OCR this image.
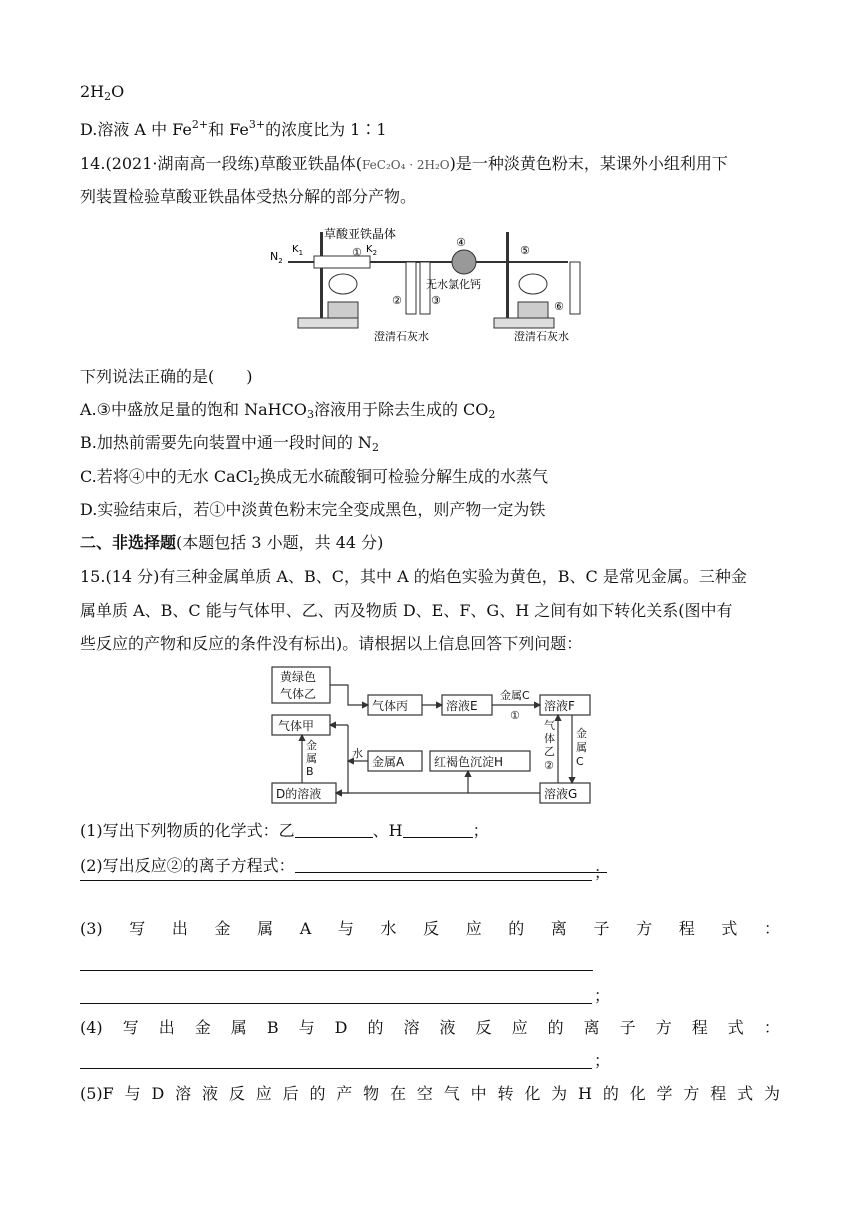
$2H_2O$
D.溶液 A 中 $Fe^{2+}$和 $Fe^{3+}$的浓度比为 1∶1
14.(2021·湖南高一段练)草酸亚铁晶体(FeC₂O₄ · 2H₂O)是一种淡黄色粉末，某课外小组利用下
列装置检验草酸亚铁晶体受热分解的部分产物。
$N_2$
$K_1$	$K_2$
草酸亚铁晶体
①
②	③
澄清石灰水
④
无水氯化钙
⑤
⑥
澄清石灰水
下列说法正确的是(　　)
A.③中盛放足量的饱和 NaHCO$_3$溶液用于除去生成的 $CO_2$
B.加热前需要先向装置中通一段时间的 $N_2$
C.若将④中的无水 CaCl$_2$换成无水硫酸铜可检验分解生成的水蒸气
D.实验结束后，若①中淡黄色粉末完全变成黑色，则产物一定为铁
二、非选择题(本题包括 3 小题，共 44 分)
15.(14 分)有三种金属单质 A、B、C，其中 A 的焰色实验为黄色，B、C 是常见金属。三种金
属单质 A、B、C 能与气体甲、乙、丙及物质 D、E、F、G、H 之间有如下转化关系(图中有
些反应的产物和反应的条件没有标出)。请根据以上信息回答下列问题：
黄绿色
气体乙
气体甲
气体丙	溶液E	溶液F
金属A 红褐色沉淀H
D的溶液	溶液G
金属C
①
水
金
属
B
气
体
乙
②
金
属
C
(1)写出下列物质的化学式：乙	、H	；
(2)写出反应②的离子方程式：	；
(3) 写 出 金 属 A 与 水 反 应 的 离 子 方 程 式 ：
；
(4) 写 出 金 属 B 与 D 的 溶 液 反 应 的 离 子 方 程 式 ：
；
(5)F 与 D 溶 液 反 应 后 的 产 物 在 空 气 中 转 化 为 H 的 化 学 方 程 式 为
